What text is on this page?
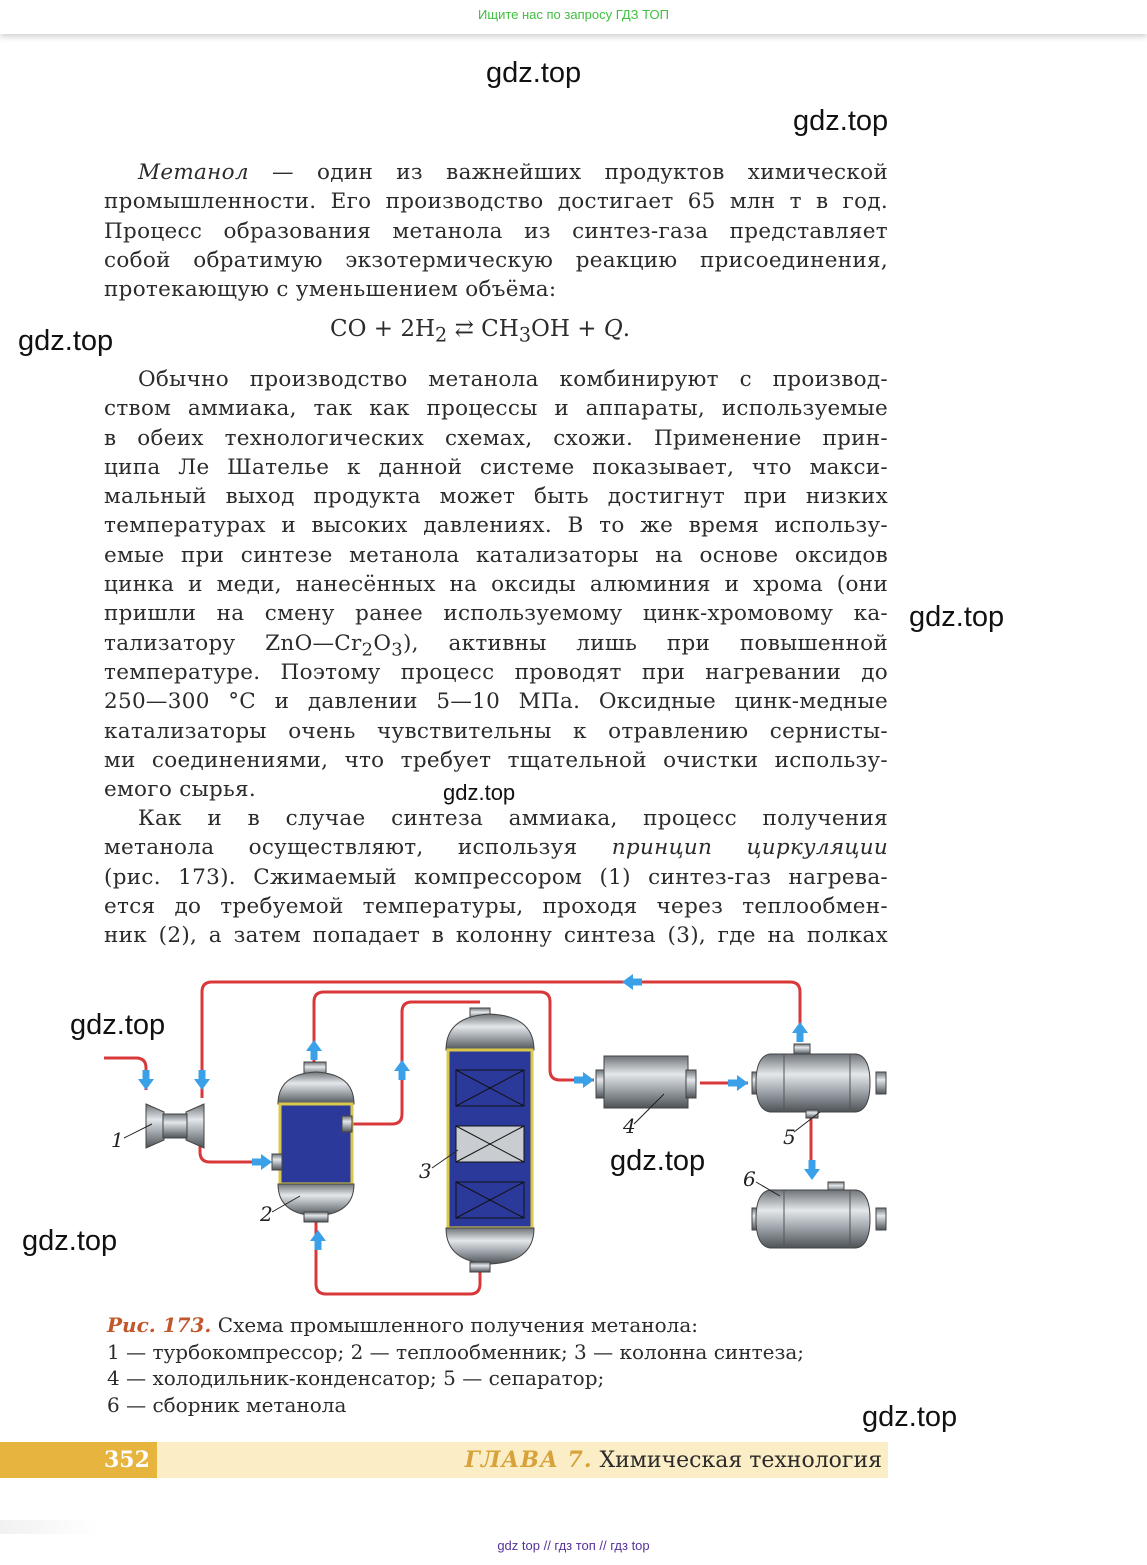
Ищите нас по запросу ГДЗ ТОП
gdz.top
gdz.top
gdz.top
gdz.top
gdz.top
gdz.top
gdz.top
gdz.top
gdz.top
Метанол — один из важнейших продуктов химической
промышленности. Его производство достигает 65 млн т в год.
Процесс образования метанола из синтез-газа представляет
собой обратимую экзотермическую реакцию присоединения,
протекающую с уменьшением объёма:
CO + $2H_2$ ⇄ $CH_3OH + Q$.
Обычно производство метанола комбинируют с производ-
ством аммиака, так как процессы и аппараты, используемые
в обеих технологических схемах, схожи. Применение прин-
ципа Ле Шателье к данной системе показывает, что макси-
мальный выход продукта может быть достигнут при низких
температурах и высоких давлениях. В то же время использу-
емые при синтезе метанола катализаторы на основе оксидов
цинка и меди, нанесённых на оксиды алюминия и хрома (они
пришли на смену ранее используемому цинк-хромовому ка-
тализатору $ZnO—Cr_2O_3$), активны лишь при повышенной
температуре. Поэтому процесс проводят при нагревании до
250—300 °C и давлении 5—10 МПа. Оксидные цинк-медные
катализаторы очень чувствительны к отравлению сернисты-
ми соединениями, что требует тщательной очистки использу-
емого сырья.
Как и в случае синтеза аммиака, процесс получения
метанола осуществляют, используя принцип циркуляции
(рис. 173). Сжимаемый компрессором (1) синтез-газ нагрева-
ется до требуемой температуры, проходя через теплообмен-
ник (2), а затем попадает в колонну синтеза (3), где на полках
1
2
3
4	5
6
Рис. 173. Схема промышленного получения метанола:
1 — турбокомпрессор; 2 — теплообменник; 3 — колонна синтеза;
4 — холодильник-конденсатор; 5 — сепаратор;
6 — сборник метанола
352	ГЛАВА 7. Химическая технология
gdz top // гдз топ // гдз top
